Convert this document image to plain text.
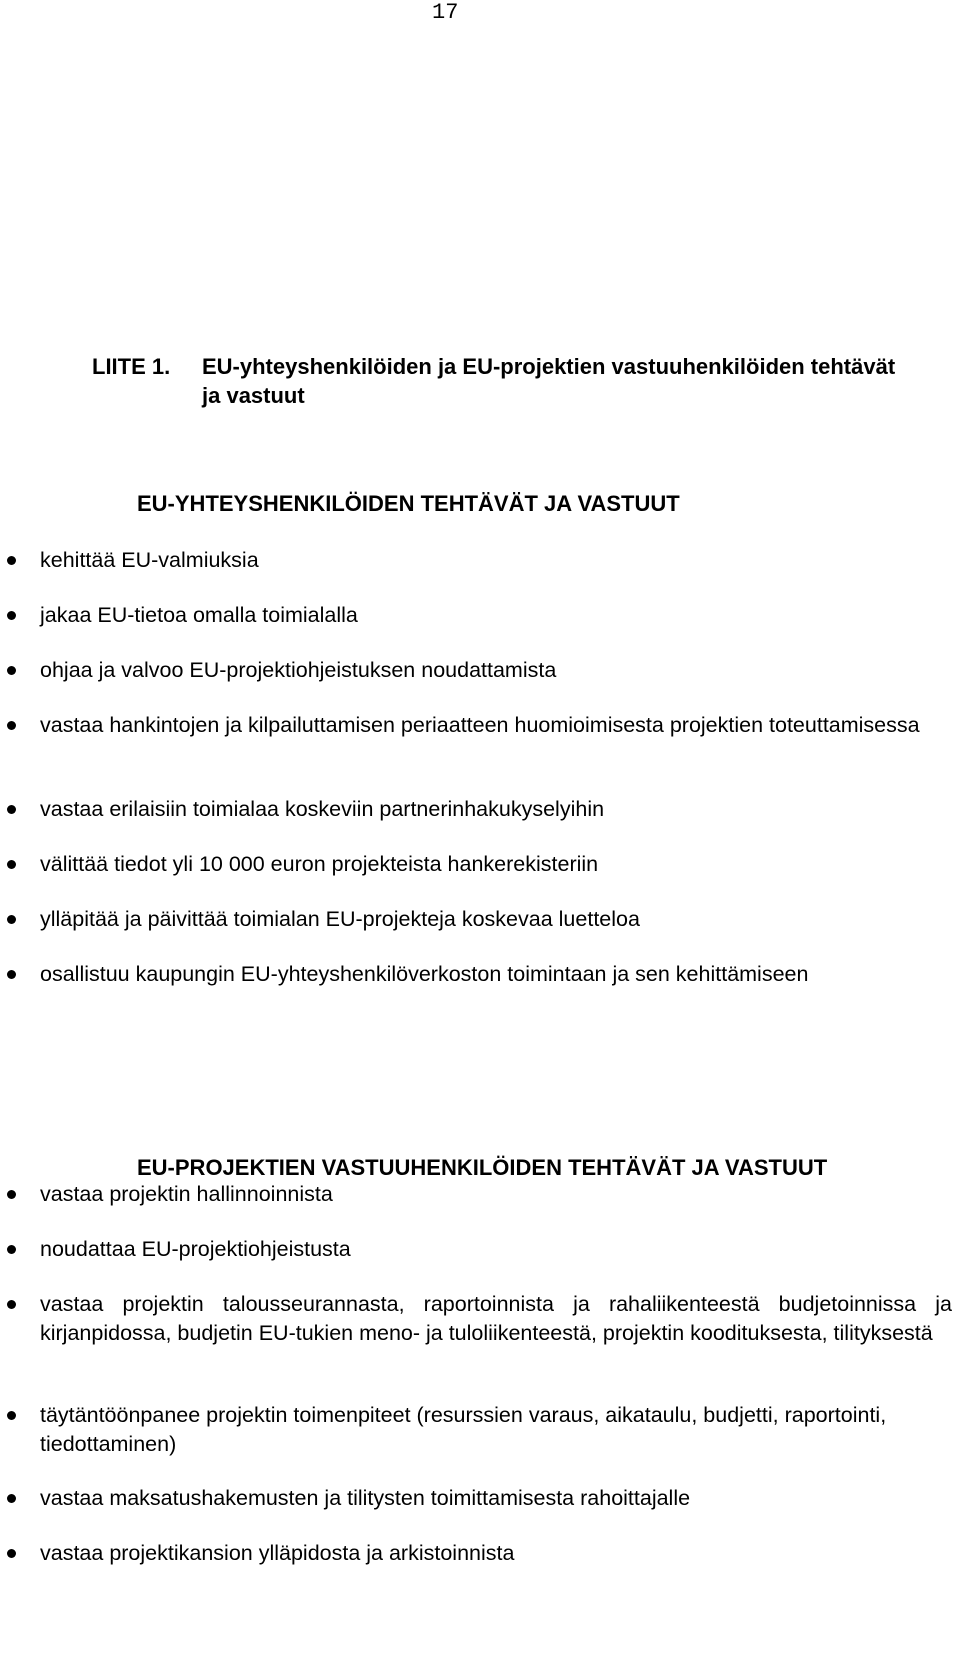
17
LIITE 1. EU-yhteyshenkilöiden ja EU-projektien vastuuhenkilöiden tehtävät ja vastuut
EU-YHTEYSHENKILÖIDEN TEHTÄVÄT JA VASTUUT
kehittää EU-valmiuksia
jakaa EU-tietoa omalla toimialalla
ohjaa ja valvoo EU-projektiohjeistuksen noudattamista
vastaa hankintojen ja kilpailuttamisen periaatteen huomioimisesta projektien toteuttamisessa
vastaa erilaisiin toimialaa koskeviin partnerinhakukyselyihin
välittää tiedot yli 10 000 euron projekteista hankerekisteriin
ylläpitää ja päivittää toimialan EU-projekteja koskevaa luetteloa
osallistuu kaupungin EU-yhteyshenkilöverkoston toimintaan ja sen kehittämiseen
EU-PROJEKTIEN VASTUUHENKILÖIDEN TEHTÄVÄT JA VASTUUT
vastaa projektin hallinnoinnista
noudattaa EU-projektiohjeistusta
vastaa projektin talousseurannasta, raportoinnista ja rahaliikenteestä budjetoinnissa ja kirjanpidossa, budjetin EU-tukien meno- ja tuloliikenteestä, projektin koodituksesta, tilityksestä
täytäntöönpanee projektin toimenpiteet (resurssien varaus, aikataulu, budjetti, raportointi, tiedottaminen)
vastaa maksatushakemusten ja tilitysten toimittamisesta rahoittajalle
vastaa projektikansion ylläpidosta ja arkistoinnista
